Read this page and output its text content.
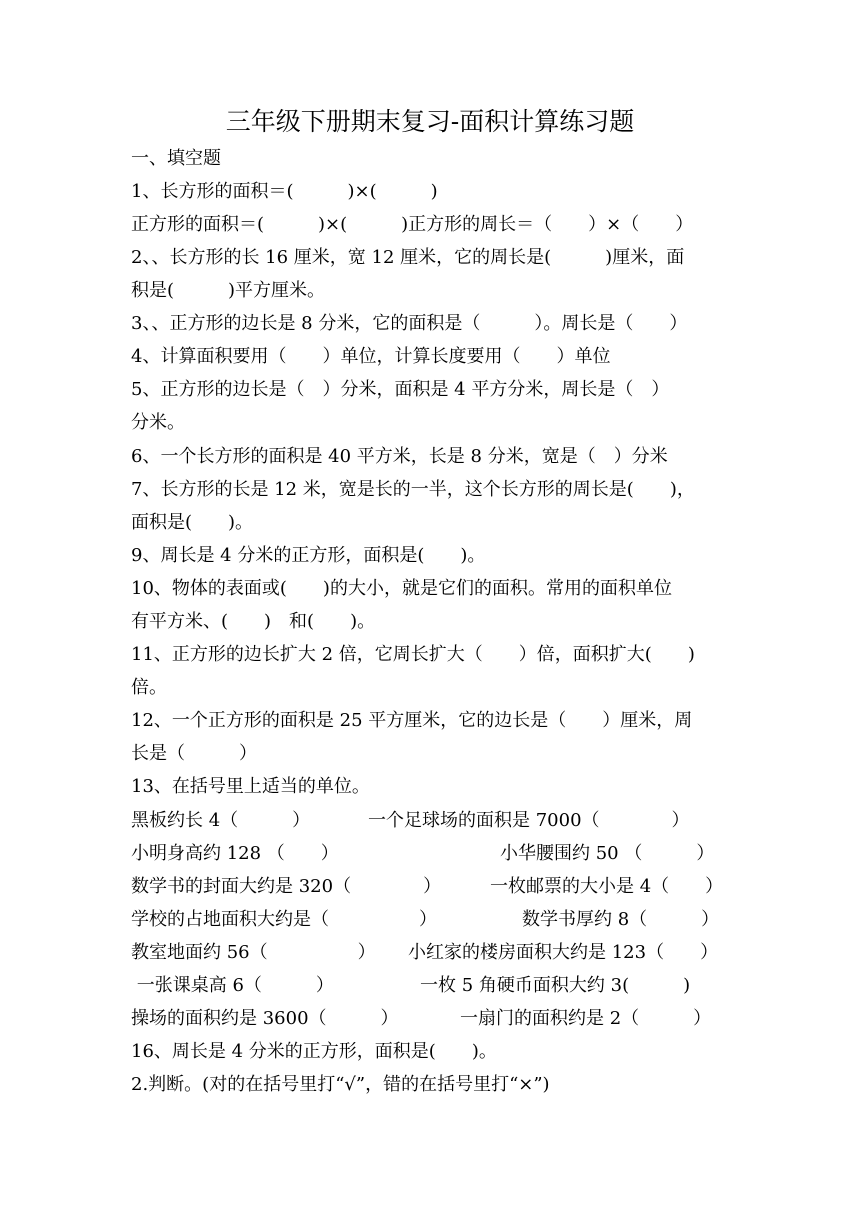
三年级下册期末复习-面积计算练习题
一、填空题
1、长方形的面积＝(　　　)×(　　　)
正方形的面积＝(　　　)×(　　　)正方形的周长＝（　　）×（　　）
2、、长方形的长 16 厘米，宽 12 厘米，它的周长是(　　　)厘米，面
积是(　　　)平方厘米。
3、、正方形的边长是 8 分米，它的面积是（　　　）。周长是（　　）
4、计算面积要用（　　）单位，计算长度要用（　　）单位
5、正方形的边长是（　）分米，面积是 4 平方分米，周长是（　）
分米。
6、一个长方形的面积是 40 平方米，长是 8 分米，宽是（　）分米
7、长方形的长是 12 米，宽是长的一半，这个长方形的周长是(　　)，
面积是(　　)。
9、周长是 4 分米的正方形，面积是(　　)。
10、物体的表面或(　　)的大小，就是它们的面积。常用的面积单位
有平方米、(　　)　和(　　)。
11、正方形的边长扩大 2 倍，它周长扩大（　　）倍，面积扩大(　　)
倍。
12、一个正方形的面积是 25 平方厘米，它的边长是（　　）厘米，周
长是（　　　）
13、在括号里上适当的单位。
黑板约长 4（　　　）	一个足球场的面积是 7000（　　　　）
小明身高约 128 （　　）	小华腰围约 50 （　　　）
数学书的封面大约是 320（　　　　）	一枚邮票的大小是 4（　　）
学校的占地面积大约是（　　　　　）	数学书厚约 8（　　　）
教室地面约 56（　　　　　） 小红家的楼房面积大约是 123（　　）
一张课桌高 6（　　　）	一枚 5 角硬币面积大约 3(　　　)
操场的面积约是 3600（　　　）	一扇门的面积约是 2（　　　）
16、周长是 4 分米的正方形，面积是(　　)。
2.判断。(对的在括号里打“√”，错的在括号里打“×”)
